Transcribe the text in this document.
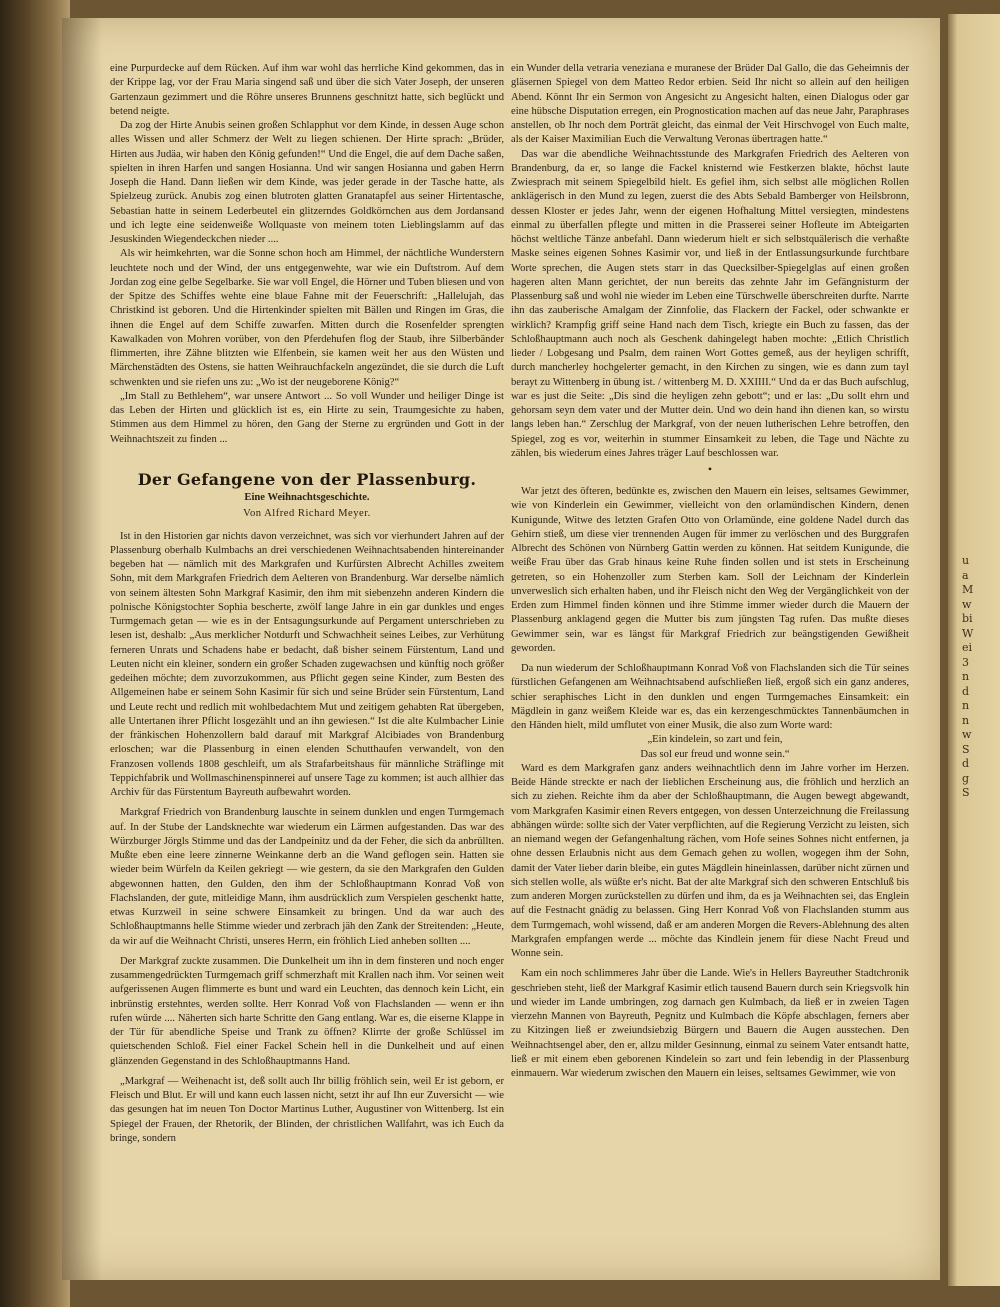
u
a
M
w
bi
W
ei
3
n
d
n
n
w
S
d
g
S

eine Purpurdecke auf dem Rücken. Auf ihm war wohl das herrliche Kind gekommen, das in der Krippe lag, vor der Frau Maria singend saß und über die sich Vater Joseph, der unseren Gartenzaun gezimmert und die Röhre unseres Brunnens geschnitzt hatte, sich beglückt und betend neigte.

Da zog der Hirte Anubis seinen großen Schlapphut vor dem Kinde, in dessen Auge schon alles Wissen und aller Schmerz der Welt zu liegen schienen. Der Hirte sprach: „Brüder, Hirten aus Judäa, wir haben den König gefunden!“ Und die Engel, die auf dem Dache saßen, spielten in ihren Harfen und sangen Hosianna. Und wir sangen Hosianna und gaben Herrn Joseph die Hand. Dann ließen wir dem Kinde, was jeder gerade in der Tasche hatte, als Spielzeug zurück. Anubis zog einen blutroten glatten Granatapfel aus seiner Hirtentasche, Sebastian hatte in seinem Lederbeutel ein glitzerndes Goldkörnchen aus dem Jordansand und ich legte eine seidenweiße Wollquaste von meinem toten Lieblingslamm auf das Jesuskinden Wiegendeckchen nieder ....

Als wir heimkehrten, war die Sonne schon hoch am Himmel, der nächtliche Wunderstern leuchtete noch und der Wind, der uns entgegenwehte, war wie ein Duftstrom. Auf dem Jordan zog eine gelbe Segelbarke. Sie war voll Engel, die Hörner und Tuben bliesen und von der Spitze des Schiffes wehte eine blaue Fahne mit der Feuerschrift: „Hallelujah, das Christkind ist geboren. Und die Hirtenkinder spielten mit Bällen und Ringen im Gras, die ihnen die Engel auf dem Schiffe zuwarfen. Mitten durch die Rosenfelder sprengten Kawalkaden von Mohren vorüber, von den Pferdehufen flog der Staub, ihre Silberbänder flimmerten, ihre Zähne blitzten wie Elfenbein, sie kamen weit her aus den Wüsten und Märchenstädten des Ostens, sie hatten Weihrauchfackeln angezündet, die sie durch die Luft schwenkten und sie riefen uns zu: „Wo ist der neugeborene König?“

„Im Stall zu Bethlehem“, war unsere Antwort ... So voll Wunder und heiliger Dinge ist das Leben der Hirten und glücklich ist es, ein Hirte zu sein, Traumgesichte zu haben, Stimmen aus dem Himmel zu hören, den Gang der Sterne zu ergründen und Gott in der Weihnachtszeit zu finden ...

Der Gefangene von der Plassenburg.
Eine Weihnachtsgeschichte.
Von Alfred Richard Meyer.

Ist in den Historien gar nichts davon verzeichnet, was sich vor vierhundert Jahren auf der Plassenburg oberhalb Kulmbachs an drei verschiedenen Weihnachtsabenden hintereinander begeben hat — nämlich mit des Markgrafen und Kurfürsten Albrecht Achilles zweitem Sohn, mit dem Markgrafen Friedrich dem Aelteren von Brandenburg. War derselbe nämlich von seinem ältesten Sohn Markgraf Kasimir, den ihm mit siebenzehn anderen Kindern die polnische Königstochter Sophia bescherte, zwölf lange Jahre in ein gar dunkles und enges Turmgemach getan — wie es in der Entsagungsurkunde auf Pergament unterschrieben zu lesen ist, deshalb: „Aus merklicher Notdurft und Schwachheit seines Leibes, zur Verhütung ferneren Unrats und Schadens habe er bedacht, daß bisher seinem Fürstentum, Land und Leuten nicht ein kleiner, sondern ein großer Schaden zugewachsen und künftig noch größer gedeihen möchte; dem zuvorzukommen, aus Pflicht gegen seine Kinder, zum Besten des Allgemeinen habe er seinem Sohn Kasimir für sich und seine Brüder sein Fürstentum, Land und Leute recht und redlich mit wohlbedachtem Mut und zeitigem gehabten Rat übergeben, alle Untertanen ihrer Pflicht losgezählt und an ihn gewiesen.“ Ist die alte Kulmbacher Linie der fränkischen Hohenzollern bald darauf mit Markgraf Alcibiades von Brandenburg erloschen; war die Plassenburg in einen elenden Schutthaufen verwandelt, von den Franzosen vollends 1808 geschleift, um als Strafarbeitshaus für männliche Sträflinge mit Teppichfabrik und Wollmaschinenspinnerei auf unsere Tage zu kommen; ist auch allhier das Archiv für das Fürstentum Bayreuth aufbewahrt worden.

Markgraf Friedrich von Brandenburg lauschte in seinem dunklen und engen Turmgemach auf. In der Stube der Landsknechte war wiederum ein Lärmen aufgestanden. Das war des Würzburger Jörgls Stimme und das der Landpeinitz und da der Feher, die sich da anbrüllten. Mußte eben eine leere zinnerne Weinkanne derb an die Wand geflogen sein. Hatten sie wieder beim Würfeln da Keilen gekriegt — wie gestern, da sie den Markgrafen den Gulden abgewonnen hatten, den Gulden, den ihm der Schloßhauptmann Konrad Voß von Flachslanden, der gute, mitleidige Mann, ihm ausdrücklich zum Verspielen geschenkt hatte, etwas Kurzweil in seine schwere Einsamkeit zu bringen. Und da war auch des Schloßhauptmanns helle Stimme wieder und zerbrach jäh den Zank der Streitenden: „Heute, da wir auf die Weihnacht Christi, unseres Herrn, ein fröhlich Lied anheben sollten ....

Der Markgraf zuckte zusammen. Die Dunkelheit um ihn in dem finsteren und noch enger zusammengedrückten Turmgemach griff schmerzhaft mit Krallen nach ihm. Vor seinen weit aufgerissenen Augen flimmerte es bunt und ward ein Leuchten, das dennoch kein Licht, ein inbrünstig erstehntes, werden sollte. Herr Konrad Voß von Flachslanden — wenn er ihn rufen würde .... Näherten sich harte Schritte den Gang entlang. War es, die eiserne Klappe in der Tür für abendliche Speise und Trank zu öffnen? Klirrte der große Schlüssel im quietschenden Schloß. Fiel einer Fackel Schein hell in die Dunkelheit und auf einen glänzenden Gegenstand in des Schloßhauptmanns Hand.

„Markgraf — Weihenacht ist, deß sollt auch Ihr billig fröhlich sein, weil Er ist geborn, er Fleisch und Blut. Er will und kann euch lassen nicht, setzt ihr auf Ihn eur Zuversicht — wie das gesungen hat im neuen Ton Doctor Martinus Luther, Augustiner von Wittenberg. Ist ein Spiegel der Frauen, der Rhetorik, der Blinden, der christlichen Wallfahrt, was ich Euch da bringe, sondern

ein Wunder della vetraria veneziana e muranese der Brüder Dal Gallo, die das Geheimnis der gläsernen Spiegel von dem Matteo Redor erbien. Seid Ihr nicht so allein auf den heiligen Abend. Könnt Ihr ein Sermon von Angesicht zu Angesicht halten, einen Dialogus oder gar eine hübsche Disputation erregen, ein Prognostication machen auf das neue Jahr, Paraphrases anstellen, ob Ihr noch dem Porträt gleicht, das einmal der Veit Hirschvogel von Euch malte, als der Kaiser Maximilian Euch die Verwaltung Veronas übertragen hatte.“

Das war die abendliche Weihnachtsstunde des Markgrafen Friedrich des Aelteren von Brandenburg, da er, so lange die Fackel knisternd wie Festkerzen blakte, höchst laute Zwiesprach mit seinem Spiegelbild hielt. Es gefiel ihm, sich selbst alle möglichen Rollen anklägerisch in den Mund zu legen, zuerst die des Abts Sebald Bamberger von Heilsbronn, dessen Kloster er jedes Jahr, wenn der eigenen Hofhaltung Mittel versiegten, mindestens einmal zu überfallen pflegte und mitten in die Prasserei seiner Hofleute im Abteigarten höchst weltliche Tänze anbefahl. Dann wiederum hielt er sich selbstquälerisch die verhaßte Maske seines eigenen Sohnes Kasimir vor, und ließ in der Entlassungsurkunde furchtbare Worte sprechen, die Augen stets starr in das Quecksilber-Spiegelglas auf einen großen hageren alten Mann gerichtet, der nun bereits das zehnte Jahr im Gefängnisturm der Plassenburg saß und wohl nie wieder im Leben eine Türschwelle überschreiten durfte. Narrte ihn das zauberische Amalgam der Zinnfolie, das Flackern der Fackel, oder schwankte er wirklich? Krampfig griff seine Hand nach dem Tisch, kriegte ein Buch zu fassen, das der Schloßhauptmann auch noch als Geschenk dahingelegt haben mochte: „Etlich Christlich lieder / Lobgesang und Psalm, dem rainen Wort Gottes gemeß, aus der heyligen schrifft, durch mancherley hochgelerter gemacht, in den Kirchen zu singen, wie es dann zum tayl berayt zu Wittenberg in übung ist. / wittenberg M. D. XXIIII.“ Und da er das Buch aufschlug, war es just die Seite: „Dis sind die heyligen zehn gebott“; und er las: „Du sollt ehrn und gehorsam seyn dem vater und der Mutter dein. Und wo dein hand ihn dienen kan, so wirstu langs leben han.“ Zerschlug der Markgraf, von der neuen lutherischen Lehre betroffen, den Spiegel, zog es vor, weiterhin in stummer Einsamkeit zu leben, die Tage und Nächte zu zählen, bis wiederum eines Jahres träger Lauf beschlossen war.

•

War jetzt des öfteren, bedünkte es, zwischen den Mauern ein leises, seltsames Gewimmer, wie von Kinderlein ein Gewimmer, vielleicht von den orlamündischen Kindern, denen Kunigunde, Witwe des letzten Grafen Otto von Orlamünde, eine goldene Nadel durch das Gehirn stieß, um diese vier trennenden Augen für immer zu verlöschen und des Burggrafen Albrecht des Schönen von Nürnberg Gattin werden zu können. Hat seitdem Kunigunde, die weiße Frau über das Grab hinaus keine Ruhe finden sollen und ist stets in Erscheinung getreten, so ein Hohenzoller zum Sterben kam. Soll der Leichnam der Kinderlein unverweslich sich erhalten haben, und ihr Fleisch nicht den Weg der Vergänglichkeit von der Erden zum Himmel finden können und ihre Stimme immer wieder durch die Mauern der Plassenburg anklagend gegen die Mutter bis zum jüngsten Tag rufen. Das mußte dieses Gewimmer sein, war es längst für Markgraf Friedrich zur beängstigenden Gewißheit geworden.

Da nun wiederum der Schloßhauptmann Konrad Voß von Flachslanden sich die Tür seines fürstlichen Gefangenen am Weihnachtsabend aufschließen ließ, ergoß sich ein ganz anderes, schier seraphisches Licht in den dunklen und engen Turmgemaches Einsamkeit: ein Mägdlein in ganz weißem Kleide war es, das ein kerzengeschmücktes Tannenbäumchen in den Händen hielt, mild umflutet von einer Musik, die also zum Worte ward:

„Ein kindelein, so zart und fein,

Das sol eur freud und wonne sein.“

Ward es dem Markgrafen ganz anders weihnachtlich denn im Jahre vorher im Herzen. Beide Hände streckte er nach der lieblichen Erscheinung aus, die fröhlich und herzlich an sich zu ziehen. Reichte ihm da aber der Schloßhauptmann, die Augen bewegt abgewandt, vom Markgrafen Kasimir einen Revers entgegen, von dessen Unterzeichnung die Freilassung abhängen würde: sollte sich der Vater verpflichten, auf die Regierung Verzicht zu leisten, sich an niemand wegen der Gefangenhaltung rächen, vom Hofe seines Sohnes nicht entfernen, ja ohne dessen Erlaubnis nicht aus dem Gemach gehen zu wollen, wogegen ihm der Sohn, damit der Vater lieber darin bleibe, ein gutes Mägdlein hineinlassen, darüber nicht zürnen und sich stellen wolle, als wüßte er's nicht. Bat der alte Markgraf sich den schweren Entschluß bis zum anderen Morgen zurückstellen zu dürfen und ihm, da es ja Weihnachten sei, das Englein auf die Festnacht gnädig zu belassen. Ging Herr Konrad Voß von Flachslanden stumm aus dem Turmgemach, wohl wissend, daß er am anderen Morgen die Revers-Ablehnung des alten Markgrafen empfangen werde ... möchte das Kindlein jenem für diese Nacht Freud und Wonne sein.

Kam ein noch schlimmeres Jahr über die Lande. Wie's in Hellers Bayreuther Stadtchronik geschrieben steht, ließ der Markgraf Kasimir etlich tausend Bauern durch sein Kriegsvolk hin und wieder im Lande umbringen, zog darnach gen Kulmbach, da ließ er in zweien Tagen vierzehn Mannen von Bayreuth, Pegnitz und Kulmbach die Köpfe abschlagen, ferners aber zu Kitzingen ließ er zweiundsiebzig Bürgern und Bauern die Augen ausstechen. Den Weihnachtsengel aber, den er, allzu milder Gesinnung, einmal zu seinem Vater entsandt hatte, ließ er mit einem eben geborenen Kindelein so zart und fein lebendig in der Plassenburg einmauern. War wiederum zwischen den Mauern ein leises, seltsames Gewimmer, wie von
